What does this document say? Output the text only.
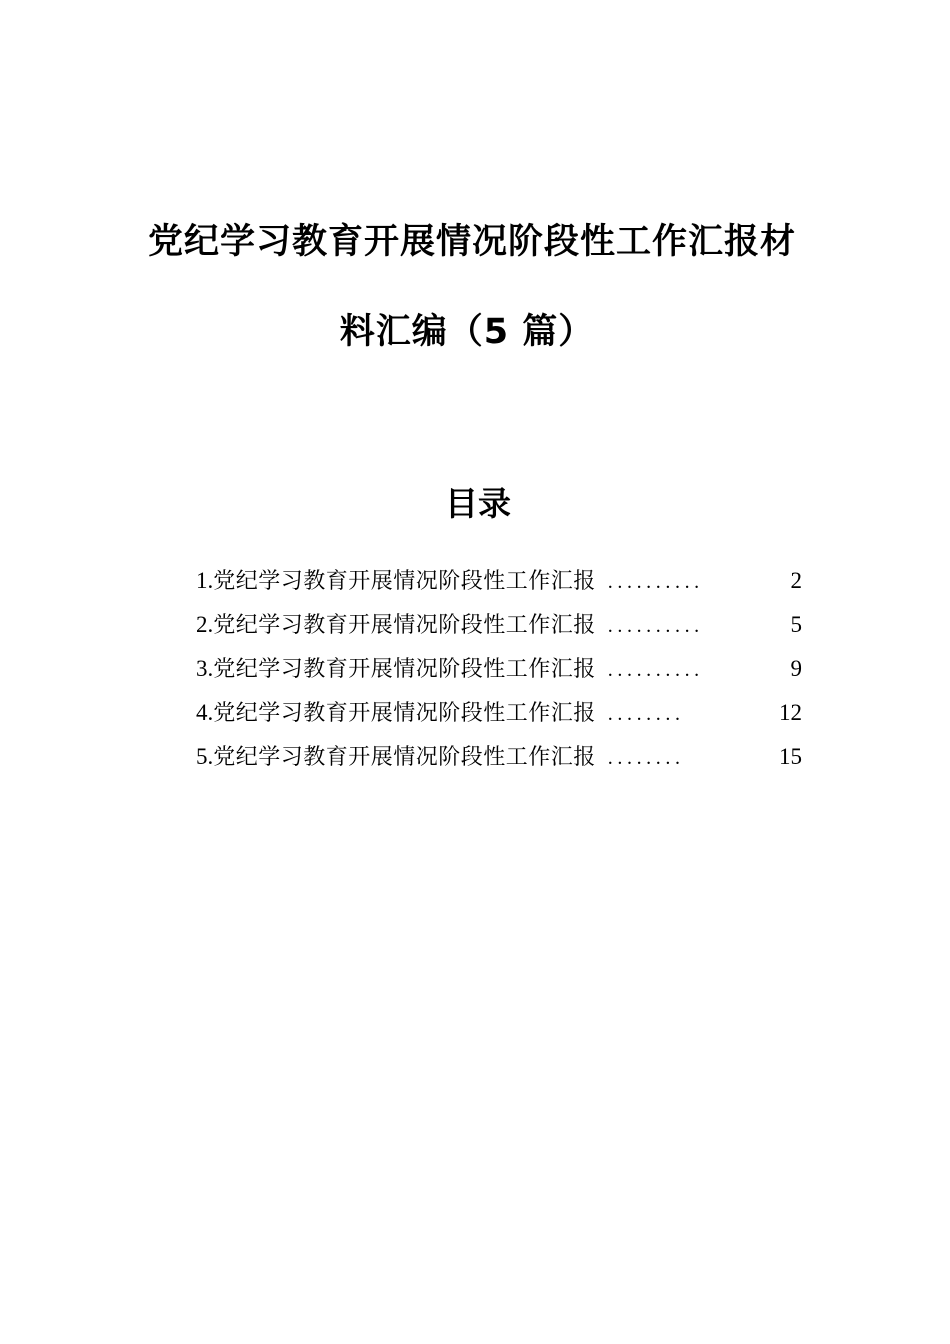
党纪学习教育开展情况阶段性工作汇报材
料汇编（5 篇）
目录
1. 党纪学习教育开展情况阶段性工作汇报 ..........	2
2. 党纪学习教育开展情况阶段性工作汇报 ..........	5
3. 党纪学习教育开展情况阶段性工作汇报 ..........	9
4. 党纪学习教育开展情况阶段性工作汇报 ........	12
5. 党纪学习教育开展情况阶段性工作汇报 ........	15
